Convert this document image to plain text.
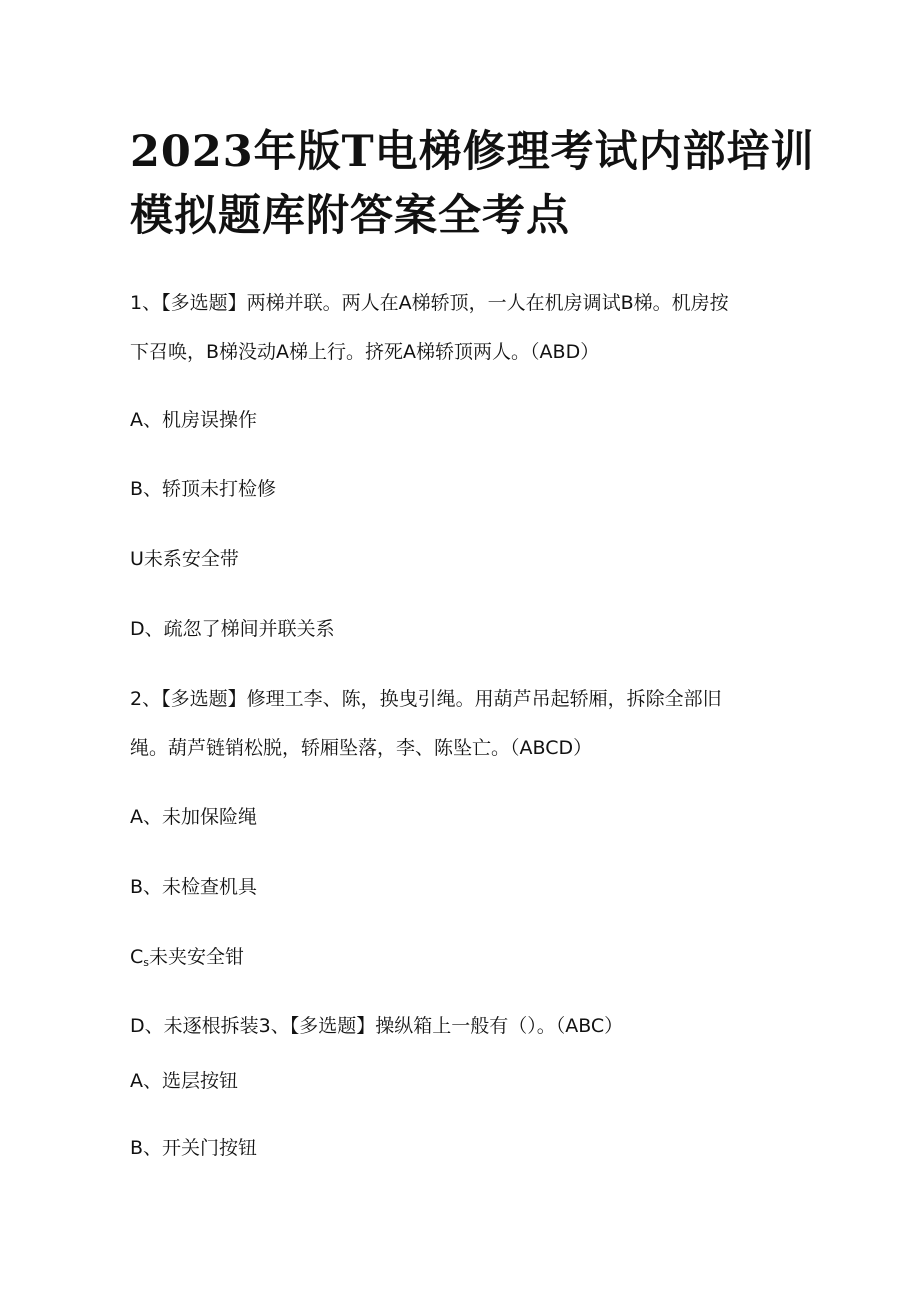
2023年版T电梯修理考试内部培训
模拟题库附答案全考点

1、【多选题】两梯并联。两人在A梯轿顶，一人在机房调试B梯。机房按

下召唤，B梯没动A梯上行。挤死A梯轿顶两人。（ABD）

A、机房误操作

B、轿顶未打检修

U未系安全带

D、疏忽了梯间并联关系

2、【多选题】修理工李、陈，换曳引绳。用葫芦吊起轿厢，拆除全部旧

绳。葫芦链销松脱，轿厢坠落，李、陈坠亡。（ABCD）

A、未加保险绳

B、未检查机具

$C_s$未夹安全钳

D、未逐根拆装3、【多选题】操纵箱上一般有（）。（ABC）

A、选层按钮

B、开关门按钮
